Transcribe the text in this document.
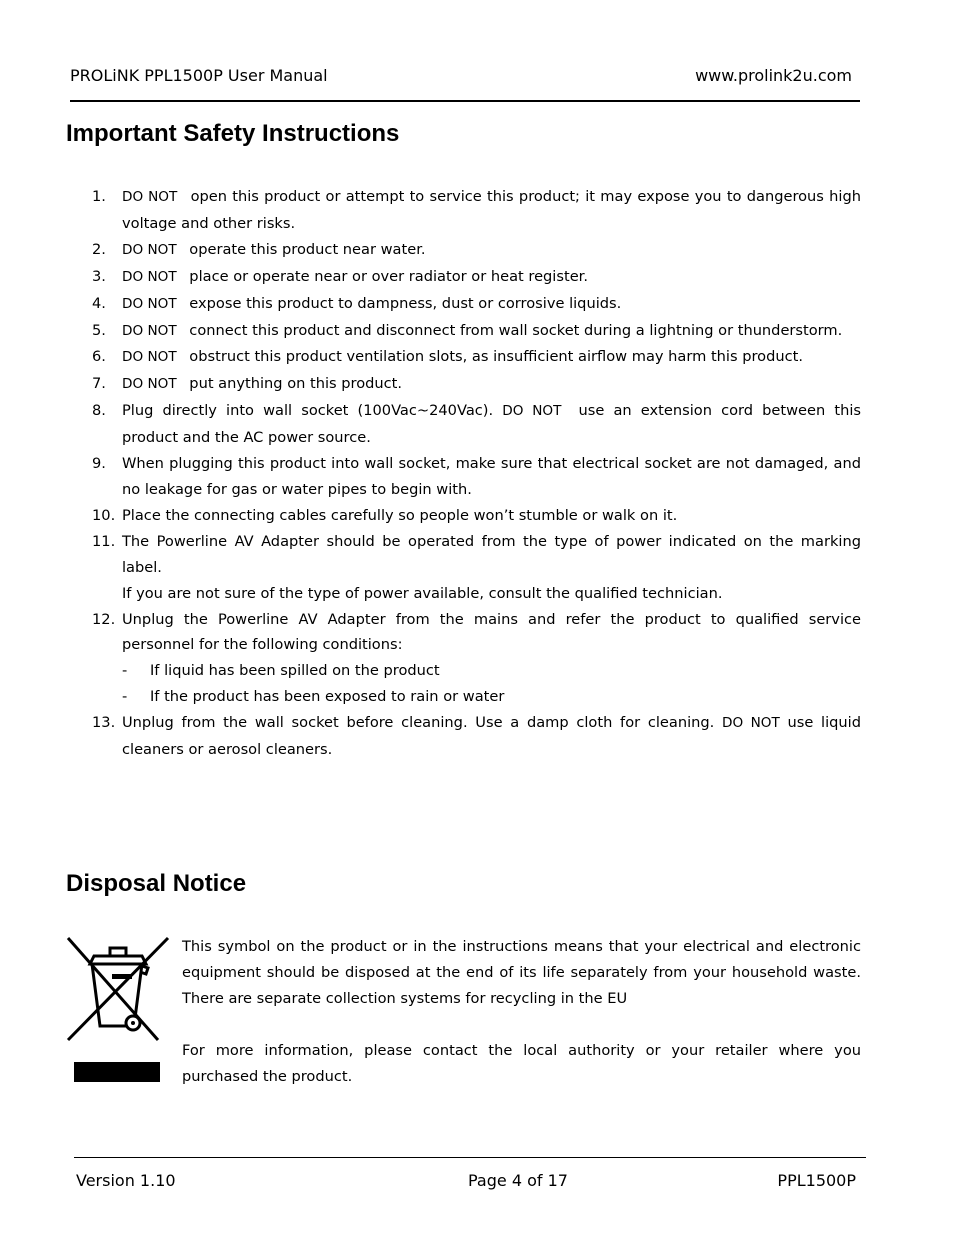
PROLiNK PPL1500P User Manual	www.prolink2u.com
Important Safety Instructions
1. DO NOT open this product or attempt to service this product; it may expose you to dangerous high voltage and other risks.
2. DO NOT operate this product near water.
3. DO NOT place or operate near or over radiator or heat register.
4. DO NOT expose this product to dampness, dust or corrosive liquids.
5. DO NOT connect this product and disconnect from wall socket during a lightning or thunderstorm.
6. DO NOT obstruct this product ventilation slots, as insufficient airflow may harm this product.
7. DO NOT put anything on this product.
8. Plug directly into wall socket (100Vac~240Vac). DO NOT use an extension cord between this product and the AC power source.
9. When plugging this product into wall socket, make sure that electrical socket are not damaged, and no leakage for gas or water pipes to begin with.
10. Place the connecting cables carefully so people won’t stumble or walk on it.
11. The Powerline AV Adapter should be operated from the type of power indicated on the marking label.
If you are not sure of the type of power available, consult the qualified technician.
12. Unplug the Powerline AV Adapter from the mains and refer the product to qualified service personnel for the following conditions:
- If liquid has been spilled on the product
- If the product has been exposed to rain or water
13. Unplug from the wall socket before cleaning. Use a damp cloth for cleaning. DO NOT use liquid cleaners or aerosol cleaners.
Disposal Notice

This symbol on the product or in the instructions means that your electrical and electronic equipment should be disposed at the end of its life separately from your household waste. There are separate collection systems for recycling in the EU

For more information, please contact the local authority or your retailer where you purchased the product.

Version 1.10	Page 4 of 17	PPL1500P
